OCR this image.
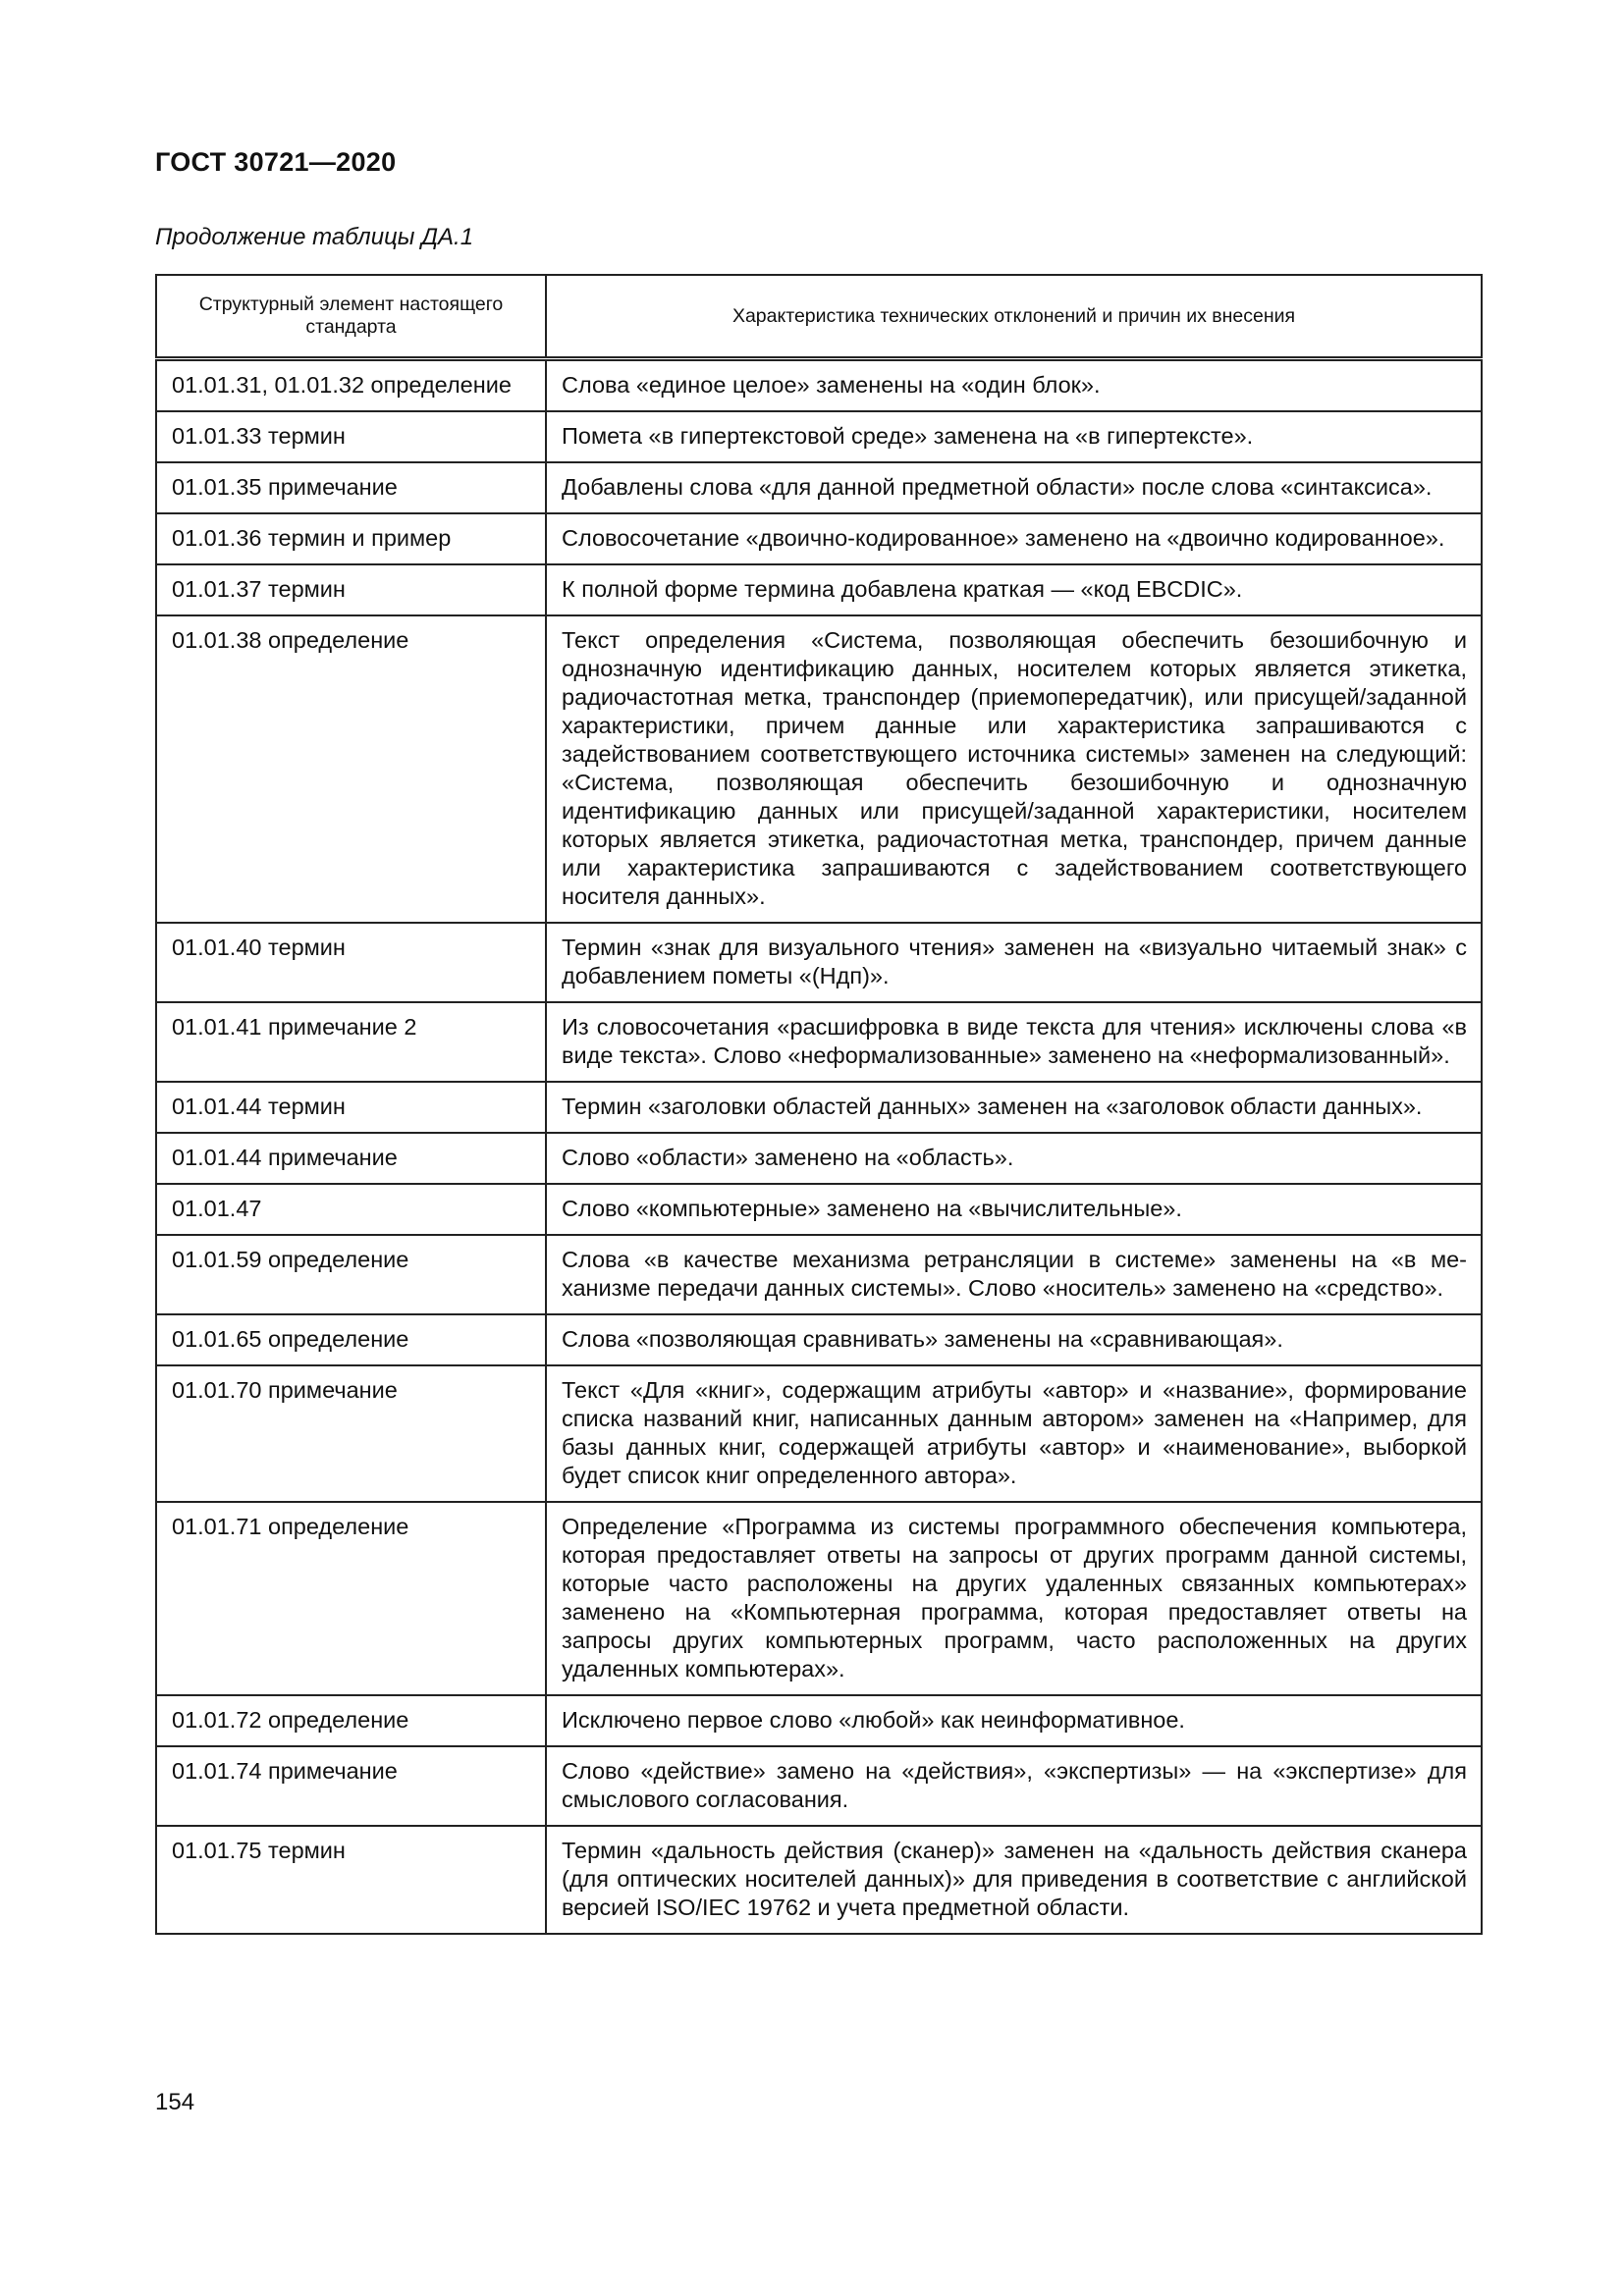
ГОСТ 30721—2020
Продолжение таблицы ДА.1
Структурный элемент настоящего стандарта	Характеристика технических отклонений и причин их внесения
01.01.31, 01.01.32 определение	Слова «единое целое» заменены на «один блок».
01.01.33 термин	Помета «в гипертекстовой среде» заменена на «в гипертексте».
01.01.35 примечание	Добавлены слова «для данной предметной области» после слова «синтаксиса».
01.01.36 термин и пример	Словосочетание «двоично-кодированное» заменено на «двоично кодированное».
01.01.37 термин	К полной форме термина добавлена краткая — «код EBCDIC».
01.01.38 определение	Текст определения «Система, позволяющая обеспечить безошибочную и однозначную идентификацию данных, носителем которых является этикетка, радиочастотная метка, транспондер (приемопередатчик), или присущей/заданной характеристики, причем данные или характеристика запрашиваются с задействованием соответствующего источника системы» заменен на следующий: «Система, позволяющая обеспечить безошибочную и однозначную идентификацию данных или присущей/заданной характеристики, носителем которых является этикетка, радиочастотная метка, транспондер, причем данные или характеристика запрашиваются с задействованием соответствующего носителя данных».
01.01.40 термин	Термин «знак для визуального чтения» заменен на «визуально читаемый знак» с добавлением пометы «(Ндп)».
01.01.41 примечание 2	Из словосочетания «расшифровка в виде текста для чтения» исключены слова «в виде текста». Слово «неформализованные» заменено на «неформализованный».
01.01.44 термин	Термин «заголовки областей данных» заменен на «заголовок области данных».
01.01.44 примечание	Слово «области» заменено на «область».
01.01.47	Слово «компьютерные» заменено на «вычислительные».
01.01.59 определение	Слова «в качестве механизма ретрансляции в системе» заменены на «в механизме передачи данных системы». Слово «носитель» заменено на «средство».
01.01.65 определение	Слова «позволяющая сравнивать» заменены на «сравнивающая».
01.01.70 примечание	Текст «Для «книг», содержащим атрибуты «автор» и «название», формирование списка названий книг, написанных данным автором» заменен на «Например, для базы данных книг, содержащей атрибуты «автор» и «наименование», выборкой будет список книг определенного автора».
01.01.71 определение	Определение «Программа из системы программного обеспечения компьютера, которая предоставляет ответы на запросы от других программ данной системы, которые часто расположены на других удаленных связанных компьютерах» заменено на «Компьютерная программа, которая предоставляет ответы на запросы других компьютерных программ, часто расположенных на других удаленных компьютерах».
01.01.72 определение	Исключено первое слово «любой» как неинформативное.
01.01.74 примечание	Слово «действие» замено на «действия», «экспертизы» — на «экспертизе» для смыслового согласования.
01.01.75 термин	Термин «дальность действия (сканер)» заменен на «дальность действия сканера (для оптических носителей данных)» для приведения в соответствие с английской версией ISO/IEC 19762 и учета предметной области.
154
